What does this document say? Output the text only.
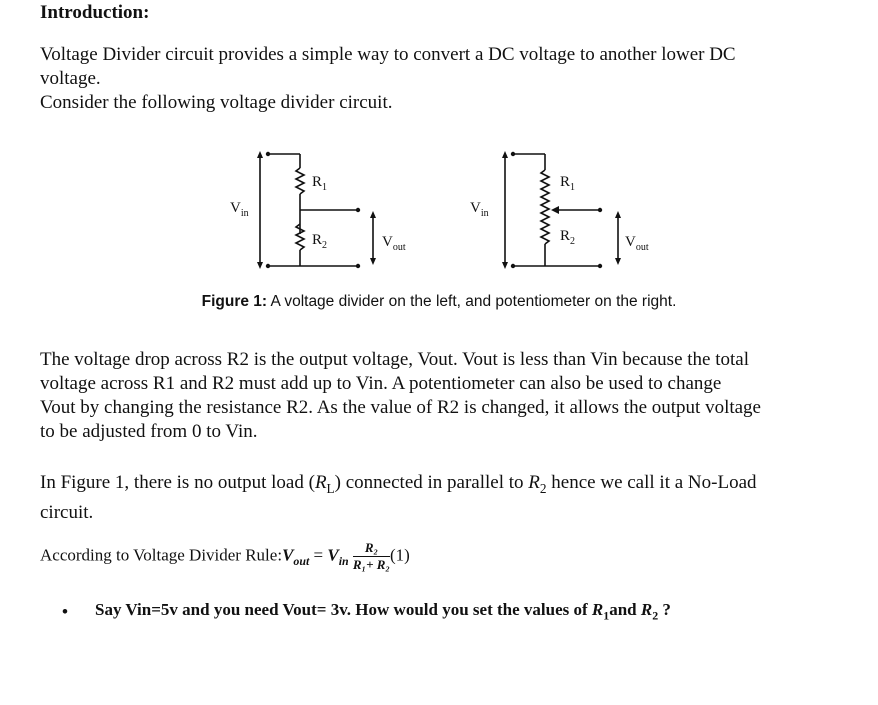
Introduction:
Voltage Divider circuit provides a simple way to convert a DC voltage to another lower DC
voltage.
Consider the following voltage divider circuit.
$V_{in}$
$R_1$
$R_2$	$V_{out}$
$V_{in}$
$R_1$
$R_2$	$V_{out}$
Figure 1: A voltage divider on the left, and potentiometer on the right.
The voltage drop across R2 is the output voltage, Vout. Vout is less than Vin because the total
voltage across R1 and R2 must add up to Vin. A potentiometer can also be used to change
Vout by changing the resistance R2. As the value of R2 is changed, it allows the output voltage
to be adjusted from 0 to Vin.
In Figure 1, there is no output load $(R_L)$ connected in parallel to $R_2$ hence we call it a No-Load
circuit.
According to Voltage Divider $Rule:V_{out} = V_{in} \frac{\text{R₂}}{\text{R₁+ R₂}} (1)$
• Say Vin=5v and you need Vout= 3v. How would you set the values of $R_1and$ $R_2$ ?
